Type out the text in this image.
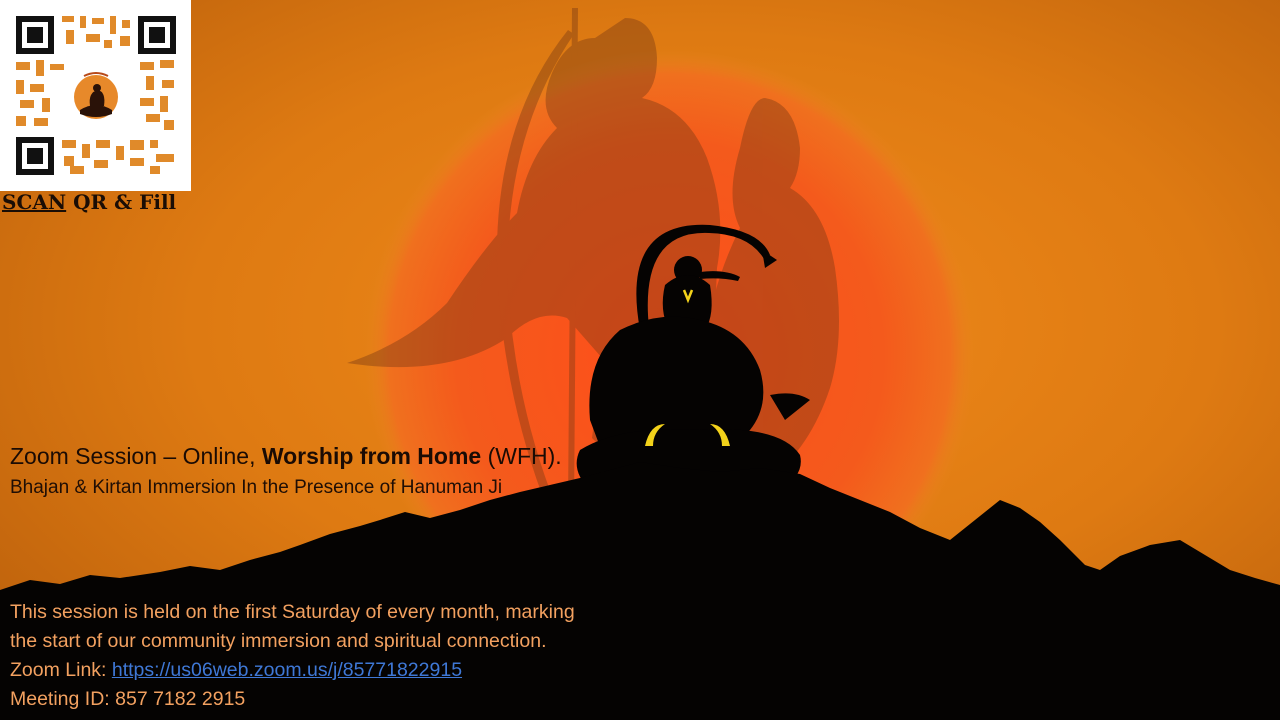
SCAN QR & Fill
Zoom Session – Online, Worship from Home (WFH).
Bhajan & Kirtan Immersion In the Presence of Hanuman Ji
This session is held on the first Saturday of every month, marking
the start of our community immersion and spiritual connection.
Zoom Link: https://us06web.zoom.us/j/85771822915
Meeting ID: 857 7182 2915
